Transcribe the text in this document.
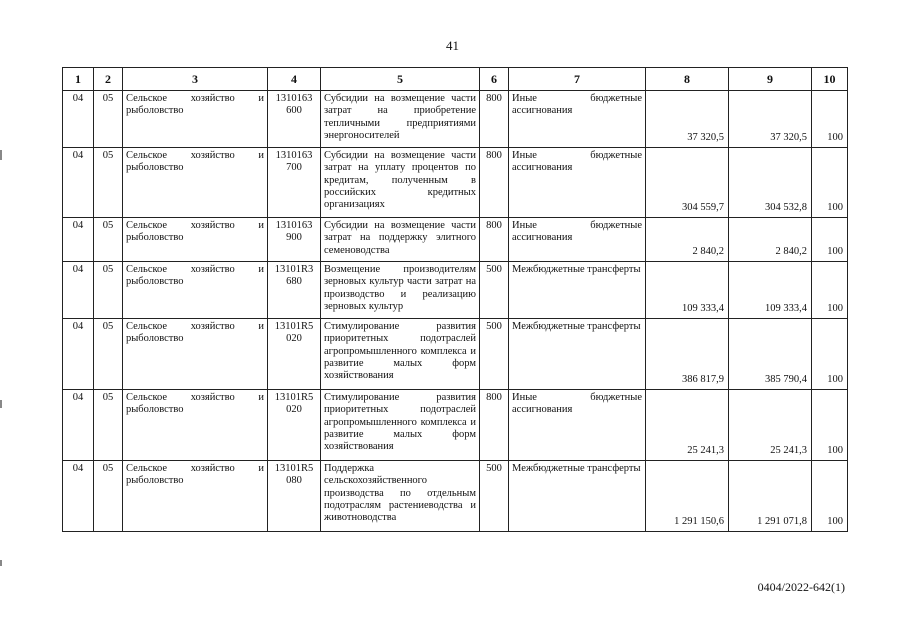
41
1	2	3	4	5	6	7	8	9	10
04	05	Сельское хозяйство и рыболовство	1310163 600	Субсидии на возмещение части затрат на приобретение тепличными предприятиями энергоносителей	800	Иные бюджетные ассигнования	37 320,5	37 320,5	100
04	05	Сельское хозяйство и рыболовство	1310163 700	Субсидии на возмещение части затрат на уплату процентов по кредитам, полученным в российских кредитных организациях	800	Иные бюджетные ассигнования	304 559,7	304 532,8	100
04	05	Сельское хозяйство и рыболовство	1310163 900	Субсидии на возмещение части затрат на поддержку элитного семеноводства	800	Иные бюджетные ассигнования	2 840,2	2 840,2	100
04	05	Сельское хозяйство и рыболовство	13101R3 680	Возмещение производителям зерновых культур части затрат на производство и реализацию зерновых культур	500	Межбюджетные трансферты	109 333,4	109 333,4	100
04	05	Сельское хозяйство и рыболовство	13101R5 020	Стимулирование развития приоритетных подотраслей агропромышленного комплекса и развитие малых форм хозяйствования	500	Межбюджетные трансферты	386 817,9	385 790,4	100
04	05	Сельское хозяйство и рыболовство	13101R5 020	Стимулирование развития приоритетных подотраслей агропромышленного комплекса и развитие малых форм хозяйствования	800	Иные бюджетные ассигнования	25 241,3	25 241,3	100
04	05	Сельское хозяйство и рыболовство	13101R5 080	Поддержка сельскохозяйственного производства по отдельным подотраслям растениеводства и животноводства	500	Межбюджетные трансферты	1 291 150,6	1 291 071,8	100
0404/2022-642(1)
